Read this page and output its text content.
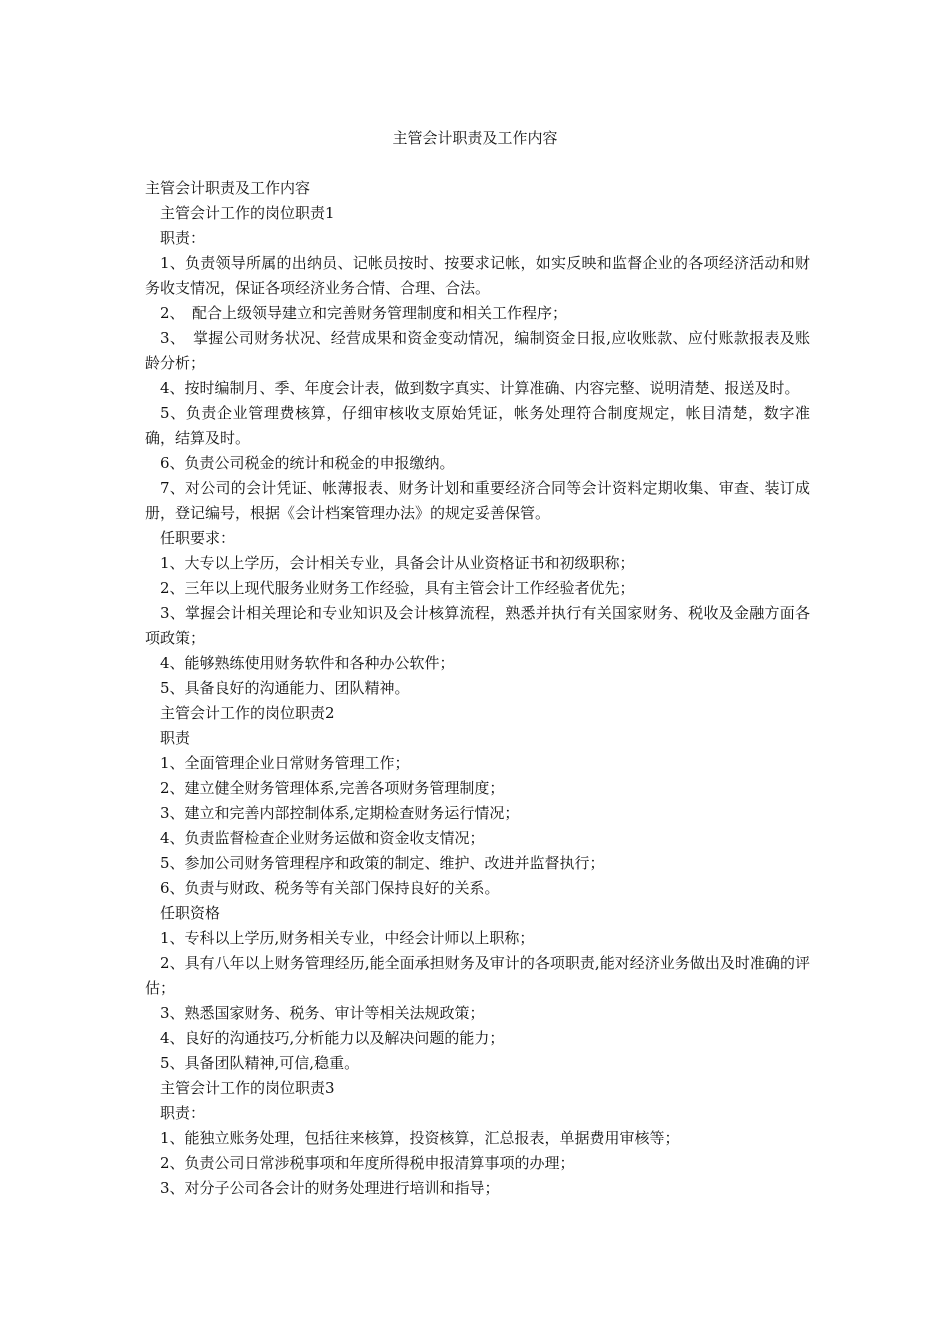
主管会计职责及工作内容

主管会计职责及工作内容

主管会计工作的岗位职责1

职责：

1、负责领导所属的出纳员、记帐员按时、按要求记帐，如实反映和监督企业的各项经济活动和财务收支情况，保证各项经济业务合情、合理、合法。

2、　配合上级领导建立和完善财务管理制度和相关工作程序；

3、　掌握公司财务状况、经营成果和资金变动情况，编制资金日报,应收账款、应付账款报表及账龄分析；

4、按时编制月、季、年度会计表，做到数字真实、计算准确、内容完整、说明清楚、报送及时。

5、负责企业管理费核算，仔细审核收支原始凭证，帐务处理符合制度规定，帐目清楚，数字准确，结算及时。

6、负责公司税金的统计和税金的申报缴纳。

7、对公司的会计凭证、帐薄报表、财务计划和重要经济合同等会计资料定期收集、审查、装订成册，登记编号，根据《会计档案管理办法》的规定妥善保管。

任职要求：

1、大专以上学历，会计相关专业，具备会计从业资格证书和初级职称；

2、三年以上现代服务业财务工作经验，具有主管会计工作经验者优先；

3、掌握会计相关理论和专业知识及会计核算流程，熟悉并执行有关国家财务、税收及金融方面各项政策；

4、能够熟练使用财务软件和各种办公软件；

5、具备良好的沟通能力、团队精神。

主管会计工作的岗位职责2

职责

1、全面管理企业日常财务管理工作；

2、建立健全财务管理体系,完善各项财务管理制度；

3、建立和完善内部控制体系,定期检查财务运行情况；

4、负责监督检查企业财务运做和资金收支情况；

5、参加公司财务管理程序和政策的制定、维护、改进并监督执行；

6、负责与财政、税务等有关部门保持良好的关系。

任职资格

1、专科以上学历,财务相关专业，中经会计师以上职称；

2、具有八年以上财务管理经历,能全面承担财务及审计的各项职责,能对经济业务做出及时准确的评估；

3、熟悉国家财务、税务、审计等相关法规政策；

4、良好的沟通技巧,分析能力以及解决问题的能力；

5、具备团队精神,可信,稳重。

主管会计工作的岗位职责3

职责：

1、能独立账务处理，包括往来核算，投资核算，汇总报表，单据费用审核等；

2、负责公司日常涉税事项和年度所得税申报清算事项的办理；

3、对分子公司各会计的财务处理进行培训和指导；
